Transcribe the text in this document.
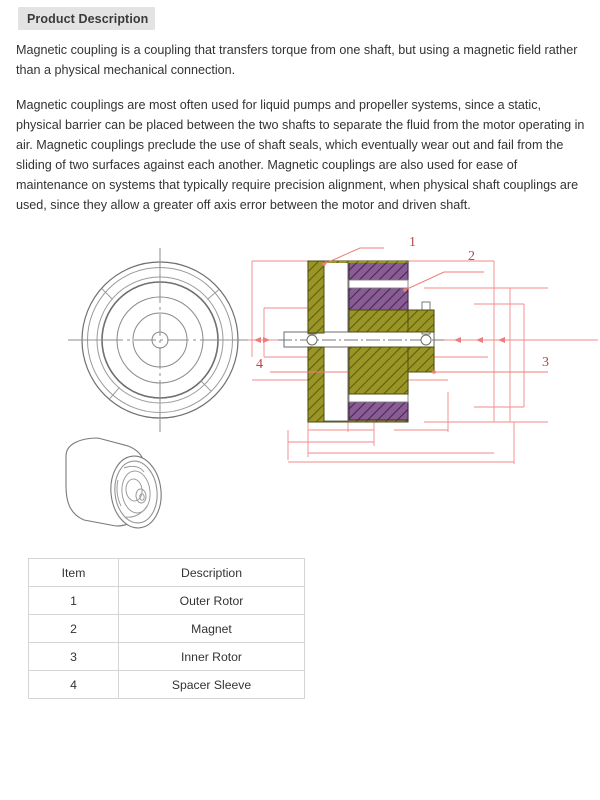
Product Description

Magnetic coupling is a coupling that transfers torque from one shaft, but using a magnetic field rather than a physical mechanical connection.

Magnetic couplings are most often used for liquid pumps and propeller systems, since a static, physical barrier can be placed between the two shafts to separate the fluid from the motor operating in air. Magnetic couplings preclude the use of shaft seals, which eventually wear out and fail from the sliding of two surfaces against each another. Magnetic couplings are also used for ease of maintenance on systems that typically require precision alignment, when physical shaft couplings are used, since they allow a greater off axis error between the motor and driven shaft.

1
2
3
4
Item	Description
1	Outer Rotor
2	Magnet
3	Inner Rotor
4	Spacer Sleeve
